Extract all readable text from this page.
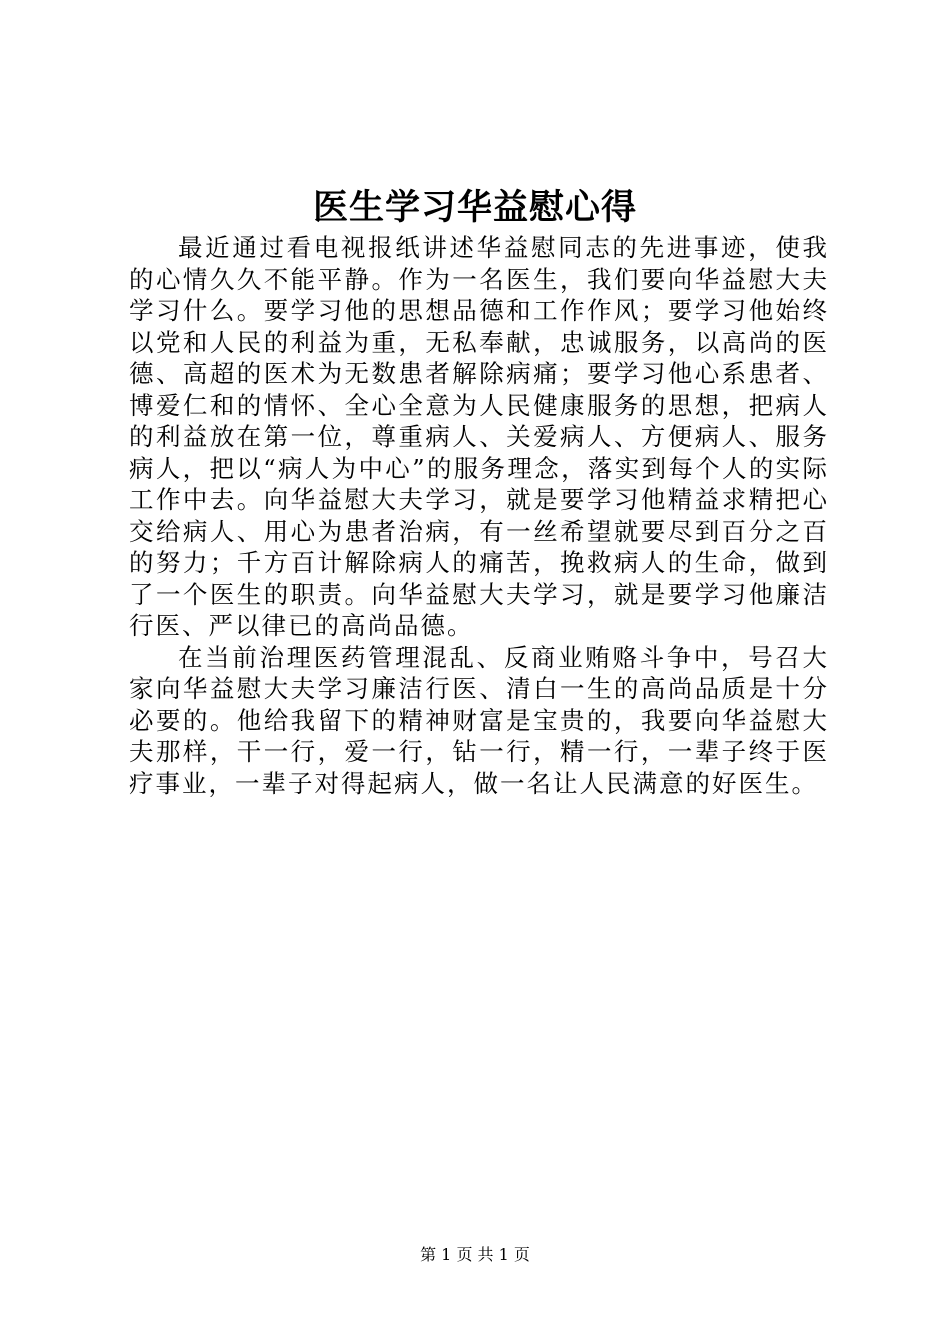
医生学习华益慰心得

最近通过看电视报纸讲述华益慰同志的先进事迹，使我的心情久久不能平静。作为一名医生，我们要向华益慰大夫学习什么。要学习他的思想品德和工作作风；要学习他始终以党和人民的利益为重，无私奉献，忠诚服务，以高尚的医德、高超的医术为无数患者解除病痛；要学习他心系患者、博爱仁和的情怀、全心全意为人民健康服务的思想，把病人的利益放在第一位，尊重病人、关爱病人、方便病人、服务病人，把以“病人为中心”的服务理念，落实到每个人的实际工作中去。向华益慰大夫学习，就是要学习他精益求精把心交给病人、用心为患者治病，有一丝希望就要尽到百分之百的努力；千方百计解除病人的痛苦，挽救病人的生命，做到了一个医生的职责。向华益慰大夫学习，就是要学习他廉洁行医、严以律已的高尚品德。

在当前治理医药管理混乱、反商业贿赂斗争中，号召大家向华益慰大夫学习廉洁行医、清白一生的高尚品质是十分必要的。他给我留下的精神财富是宝贵的，我要向华益慰大夫那样，干一行，爱一行，钻一行，精一行，一辈子终于医疗事业，一辈子对得起病人，做一名让人民满意的好医生。

第 1 页 共 1 页
